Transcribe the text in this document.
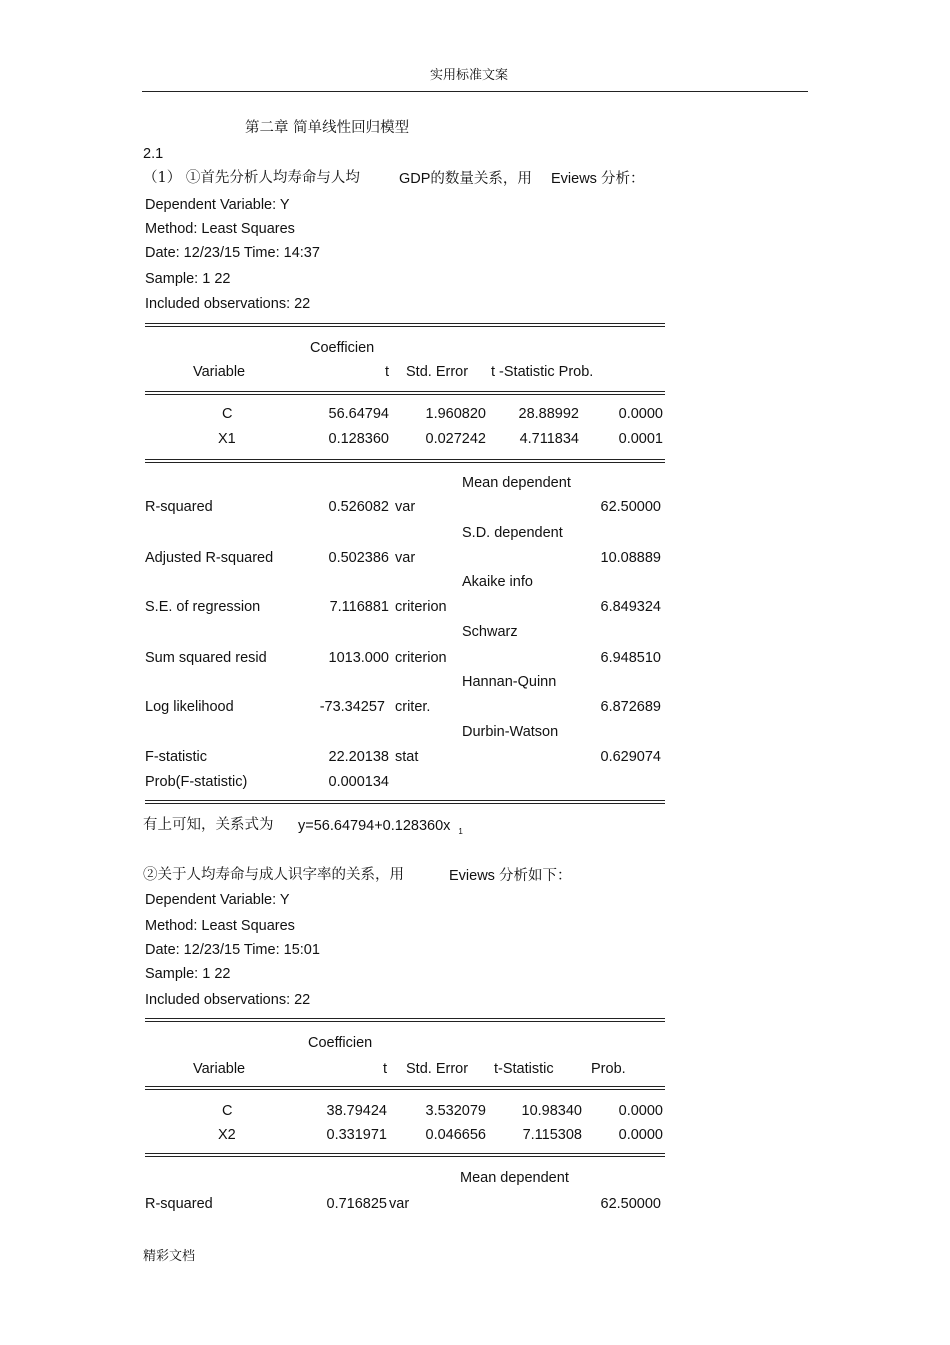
实用标准文案
第二章 简单线性回归模型
2.1
（1） ①首先分析人均寿命与人均	GDP的数量关系，用 Eviews 分析：
Dependent Variable: Y
Method: Least Squares
Date: 12/23/15 Time: 14:37
Sample: 1 22
Included observations: 22
Coefficien
Variable	t Std. Error t -Statistic Prob.
C	56.64794	1.960820 28.88992	0.0000
X1	0.128360	0.027242 4.711834	0.0001
Mean dependent
R-squared	0.526082 var	62.50000
S.D. dependent
Adjusted R-squared	0.502386 var	10.08889
Akaike info
S.E. of regression	7.116881 criterion	6.849324
Schwarz
Sum squared resid	1013.000 criterion	6.948510
Hannan-Quinn
Log likelihood	-73.34257 criter.	6.872689
Durbin-Watson
F-statistic	22.20138 stat	0.629074
Prob(F-statistic)	0.000134
有上可知，关系式为 y=56.64794+0.128360x $_1$
②关于人均寿命与成人识字率的关系，用	Eviews 分析如下：
Dependent Variable: Y
Method: Least Squares
Date: 12/23/15 Time: 15:01
Sample: 1 22
Included observations: 22
Coefficien
Variable	t Std. Error t-Statistic	Prob.
C	38.79424	3.532079 10.98340	0.0000
X2	0.331971	0.046656	7.115308	0.0000
Mean dependent
R-squared	0.716825 var	62.50000
精彩文档
